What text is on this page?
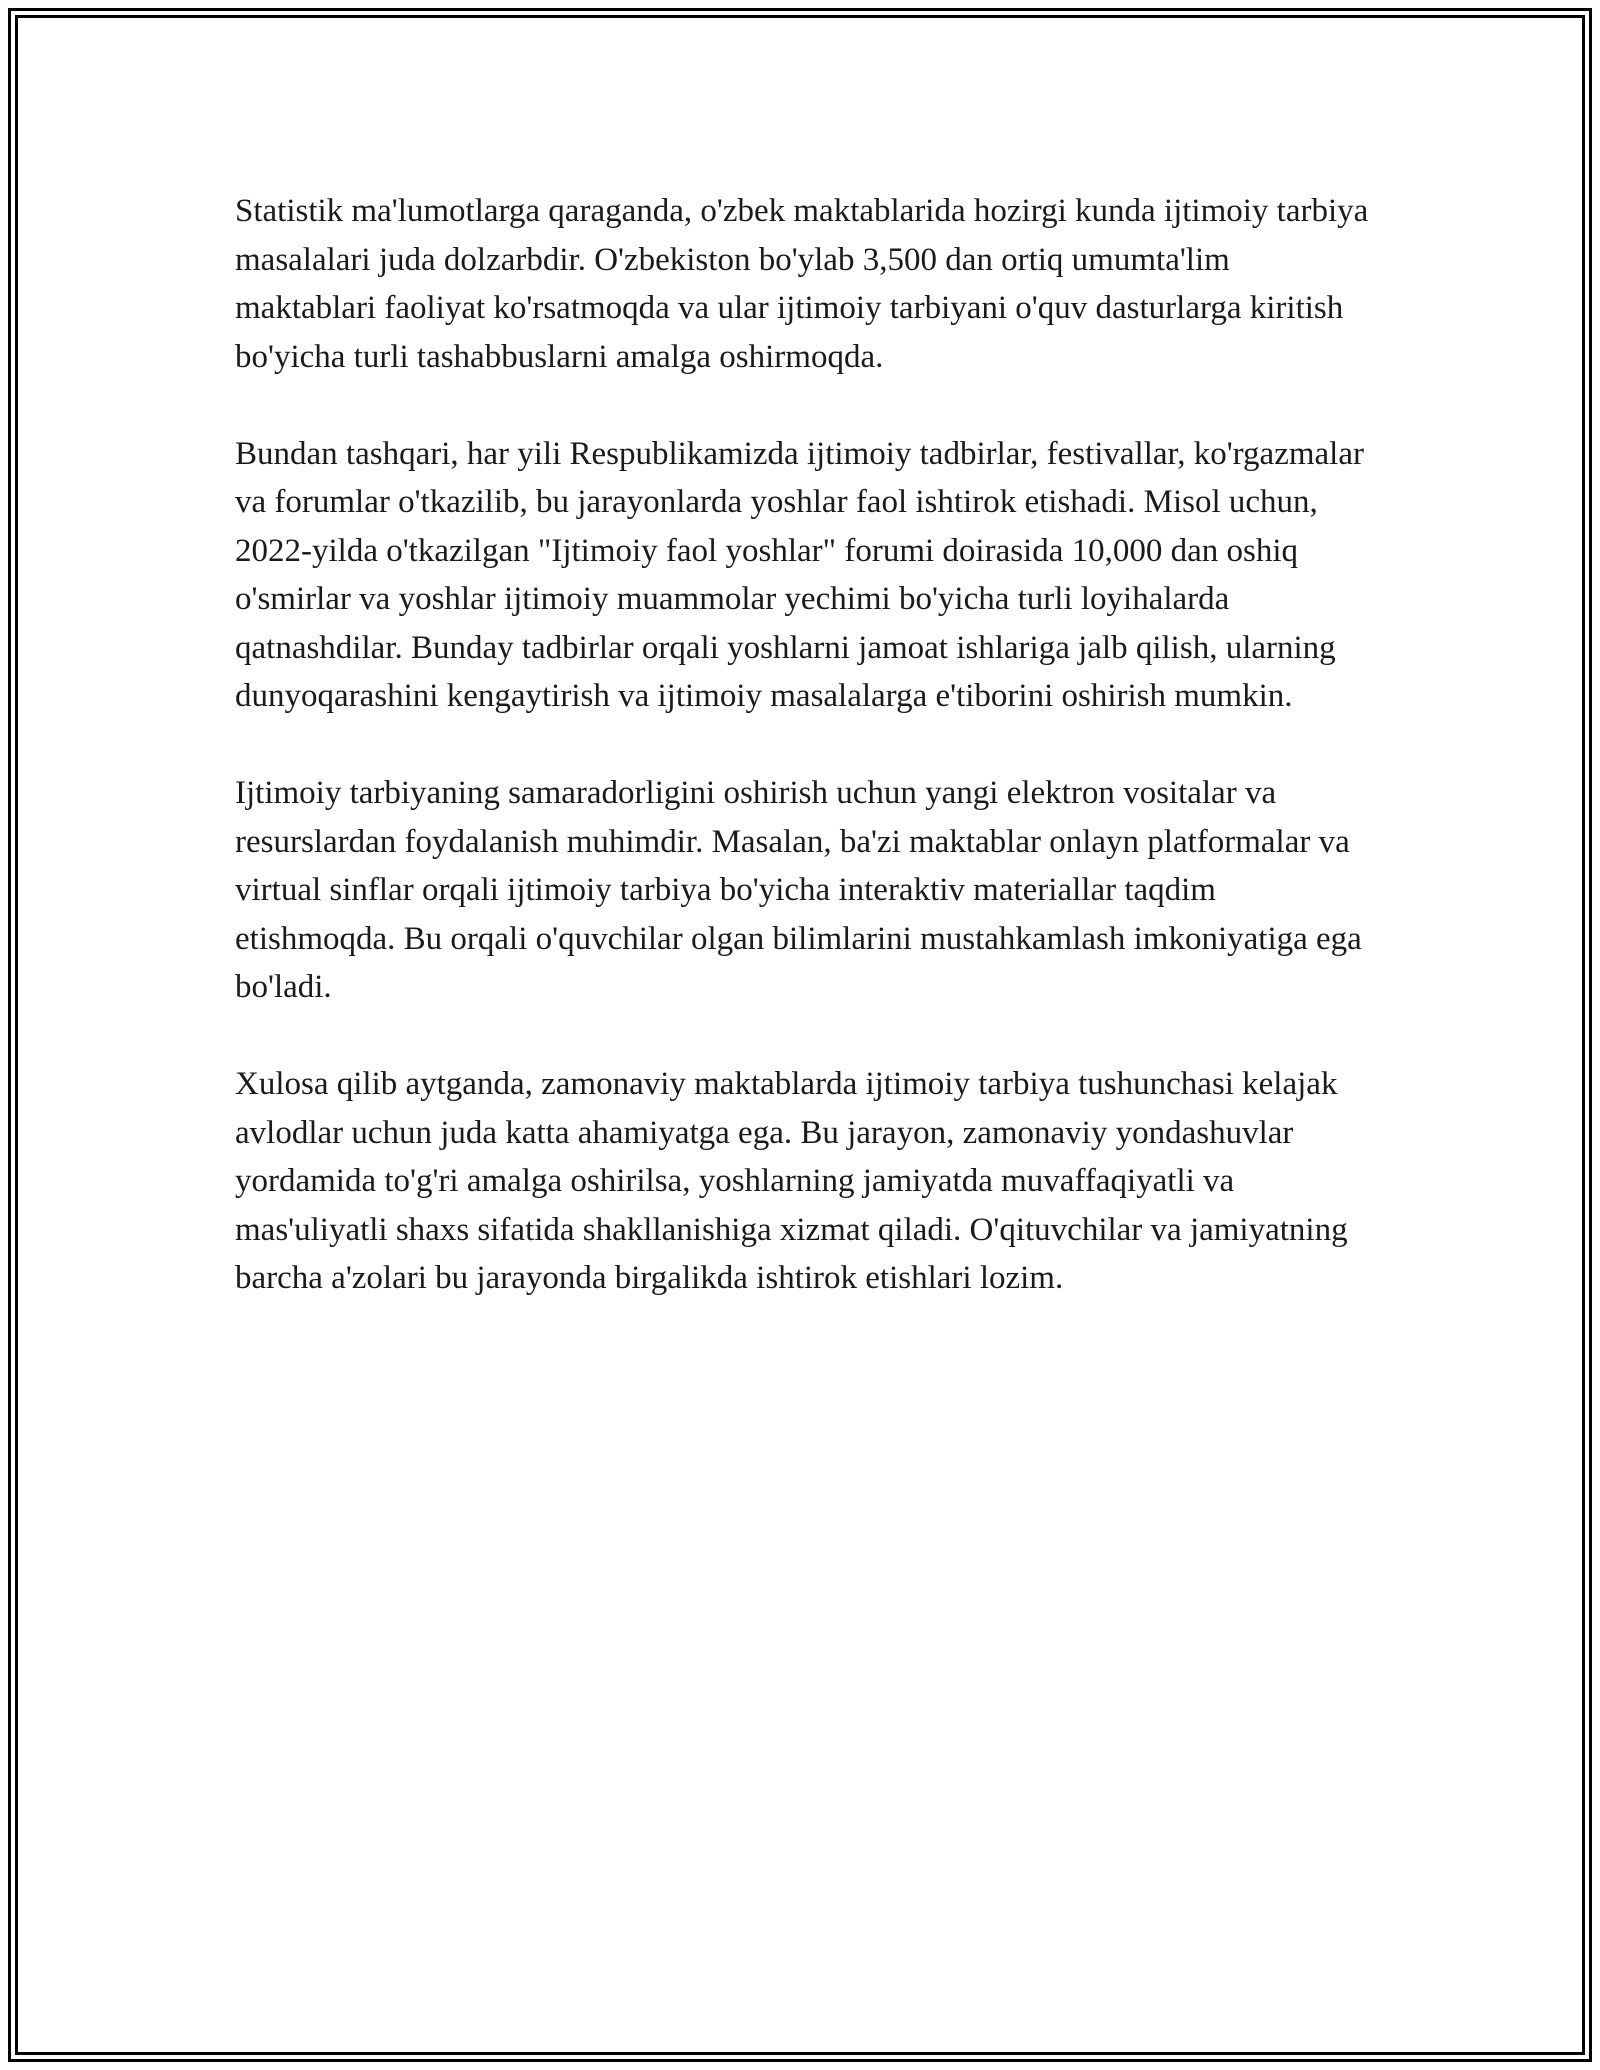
Statistik ma'lumotlarga qaraganda, o'zbek maktablarida hozirgi kunda ijtimoiy tarbiya masalalari juda dolzarbdir. O'zbekiston bo'ylab 3,500 dan ortiq umumta'lim maktablari faoliyat ko'rsatmoqda va ular ijtimoiy tarbiyani o'quv dasturlarga kiritish bo'yicha turli tashabbuslarni amalga oshirmoqda.

Bundan tashqari, har yili Respublikamizda ijtimoiy tadbirlar, festivallar, ko'rgazmalar va forumlar o'tkazilib, bu jarayonlarda yoshlar faol ishtirok etishadi. Misol uchun, 2022-yilda o'tkazilgan "Ijtimoiy faol yoshlar" forumi doirasida 10,000 dan oshiq o'smirlar va yoshlar ijtimoiy muammolar yechimi bo'yicha turli loyihalarda qatnashdilar. Bunday tadbirlar orqali yoshlarni jamoat ishlariga jalb qilish, ularning dunyoqarashini kengaytirish va ijtimoiy masalalarga e'tiborini oshirish mumkin.

Ijtimoiy tarbiyaning samaradorligini oshirish uchun yangi elektron vositalar va resurslardan foydalanish muhimdir. Masalan, ba'zi maktablar onlayn platformalar va virtual sinflar orqali ijtimoiy tarbiya bo'yicha interaktiv materiallar taqdim etishmoqda. Bu orqali o'quvchilar olgan bilimlarini mustahkamlash imkoniyatiga ega bo'ladi.

Xulosa qilib aytganda, zamonaviy maktablarda ijtimoiy tarbiya tushunchasi kelajak avlodlar uchun juda katta ahamiyatga ega. Bu jarayon, zamonaviy yondashuvlar yordamida to'g'ri amalga oshirilsa, yoshlarning jamiyatda muvaffaqiyatli va mas'uliyatli shaxs sifatida shakllanishiga xizmat qiladi. O'qituvchilar va jamiyatning barcha a'zolari bu jarayonda birgalikda ishtirok etishlari lozim.
